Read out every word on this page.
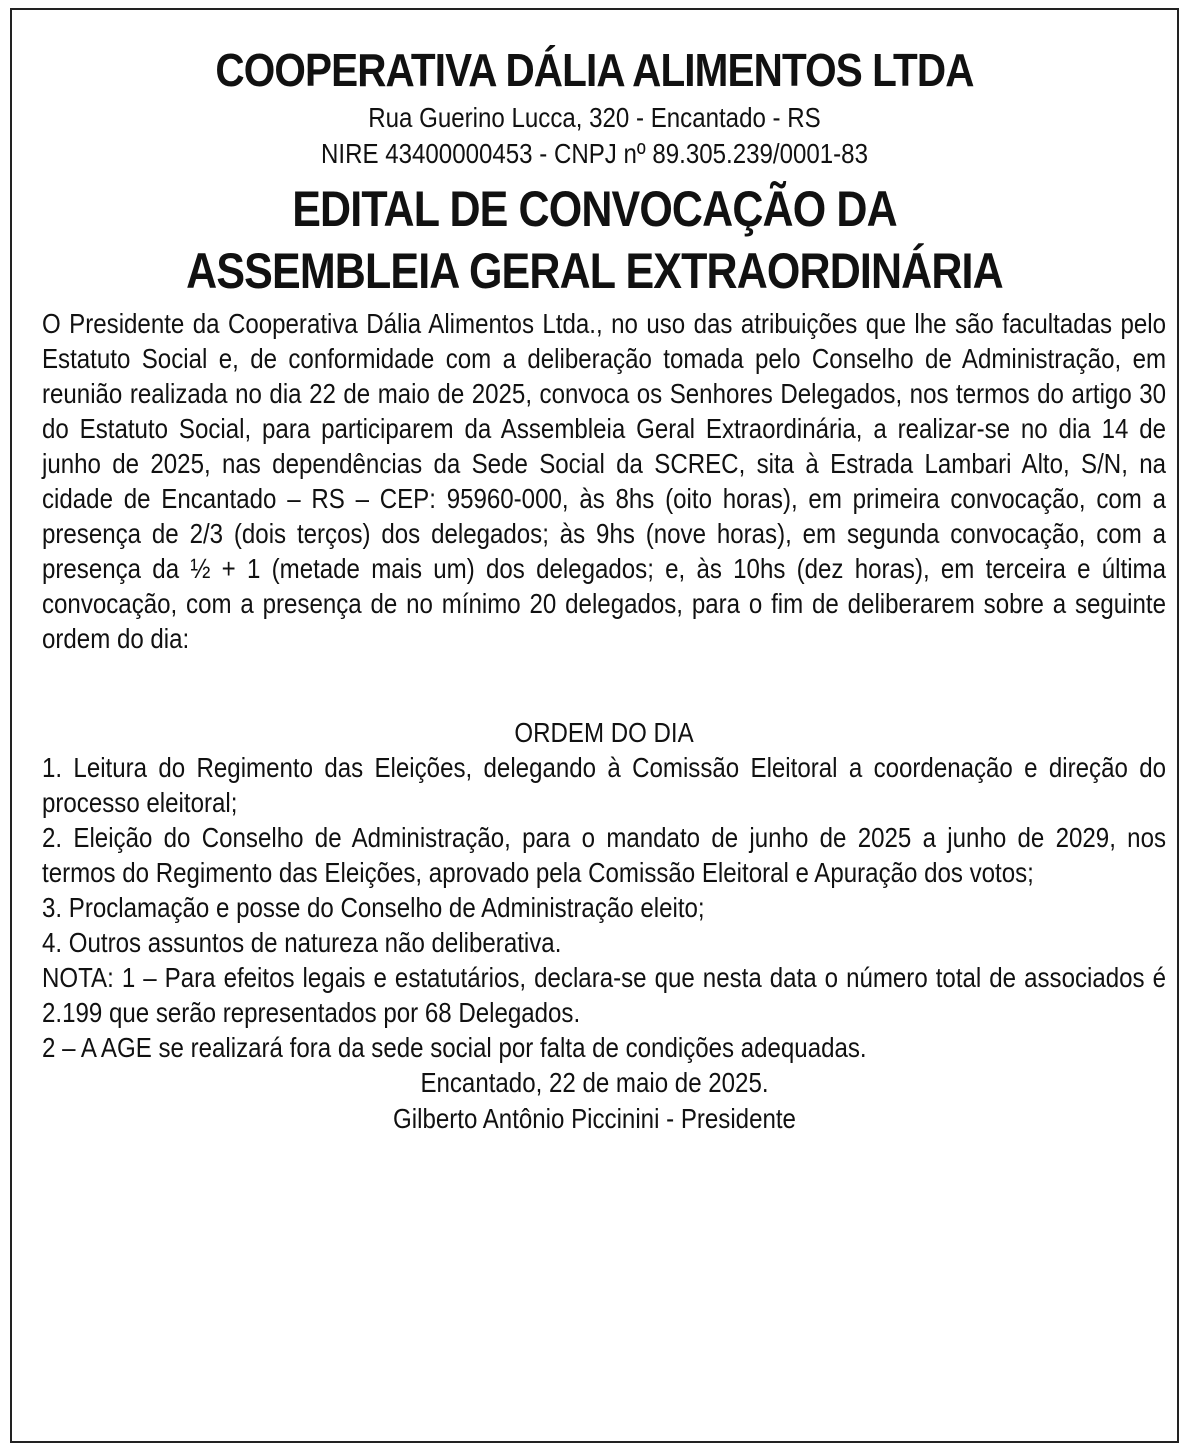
COOPERATIVA DÁLIA ALIMENTOS LTDA
Rua Guerino Lucca, 320 - Encantado - RS
NIRE 43400000453 - CNPJ nº 89.305.239/0001-83
EDITAL DE CONVOCAÇÃO DA
ASSEMBLEIA GERAL EXTRAORDINÁRIA

O Presidente da Cooperativa Dália Alimentos Ltda., no uso das atribuições que lhe são facultadas pelo Estatuto Social e, de conformidade com a deliberação tomada pelo Conselho de Administração, em reunião realizada no dia 22 de maio de 2025, convoca os Senhores Delegados, nos termos do artigo 30 do Estatuto Social, para participarem da Assembleia Geral Extraordinária, a realizar-se no dia 14 de junho de 2025, nas dependências da Sede Social da SCREC, sita à Estrada Lambari Alto, S/N, na cidade de Encantado – RS – CEP: 95960-000, às 8hs (oito horas), em primeira convocação, com a presença de 2/3 (dois terços) dos delegados; às 9hs (nove horas), em segunda convocação, com a presença da ½ + 1 (metade mais um) dos delegados; e, às 10hs (dez horas), em terceira e última convocação, com a presença de no mínimo 20 delegados, para o fim de deliberarem sobre a seguinte ordem do dia:

ORDEM DO DIA

1. Leitura do Regimento das Eleições, delegando à Comissão Eleitoral a coordenação e direção do processo eleitoral;

2. Eleição do Conselho de Administração, para o mandato de junho de 2025 a junho de 2029, nos termos do Regimento das Eleições, aprovado pela Comissão Eleitoral e Apuração dos votos;

3. Proclamação e posse do Conselho de Administração eleito;

4. Outros assuntos de natureza não deliberativa.

NOTA: 1 – Para efeitos legais e estatutários, declara-se que nesta data o número total de associados é 2.199 que serão representados por 68 Delegados.

2 – A AGE se realizará fora da sede social por falta de condições adequadas.

Encantado, 22 de maio de 2025.
Gilberto Antônio Piccinini - Presidente
